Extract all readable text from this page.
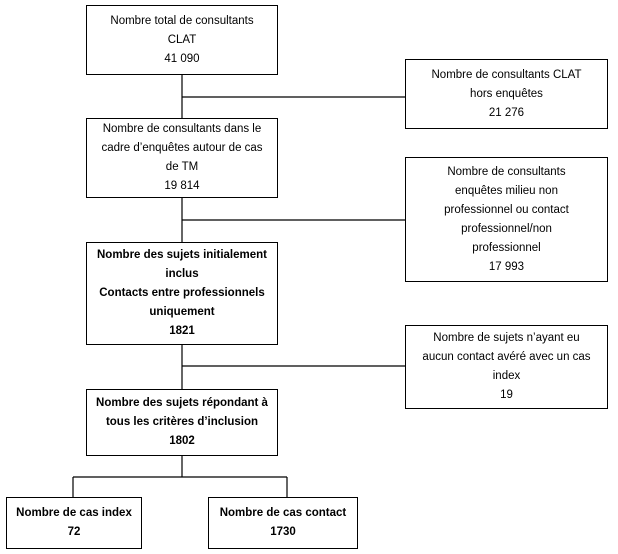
Nombre total de consultants
CLAT
41 090
Nombre de consultants CLAT
hors enquêtes
21 276
Nombre de consultants dans le
cadre d’enquêtes autour de cas
de TM
19 814
Nombre de consultants
enquêtes milieu non
professionnel ou contact
professionnel/non
professionnel
17 993
Nombre des sujets initialement
inclus
Contacts entre professionnels
uniquement
1821
Nombre de sujets n’ayant eu
aucun contact avéré avec un cas
index
19
Nombre des sujets répondant à
tous les critères d’inclusion
1802
Nombre de cas index
72
Nombre de cas contact
1730
